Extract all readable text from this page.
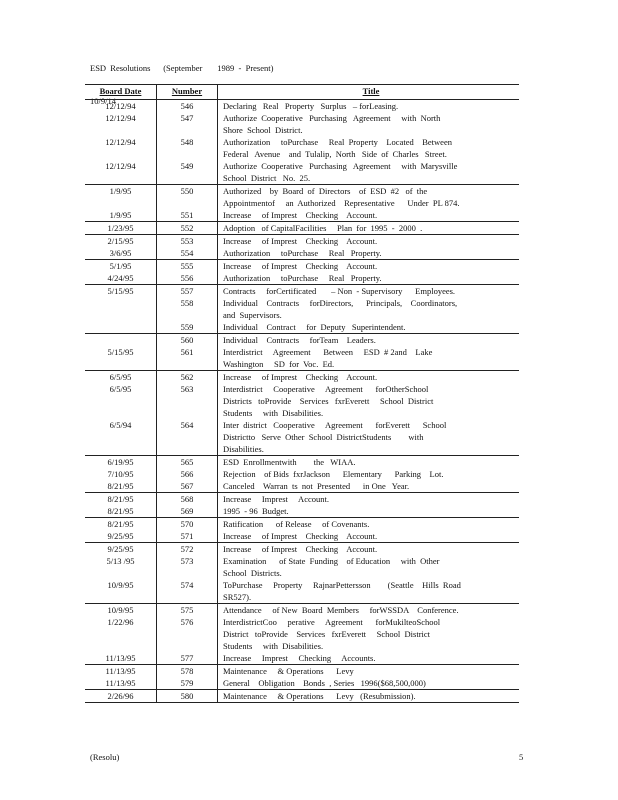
ESD  Resolutions      (September       1989  -  Present)

10/9/14

Board Date	Number	Title
12/12/94	546	Declaring   Real   Property   Surplus   – forLeasing.
12/12/94	547	Authorize  Cooperative   Purchasing   Agreement     with  North
Shore  School  District.
12/12/94	548	Authorization     toPurchase     Real  Property    Located    Between
Federal   Avenue    and  Tulalip,  North   Side  of  Charles   Street.
12/12/94	549	Authorize  Cooperative   Purchasing   Agreement     with  Marysville
School  District   No.  25.
1/9/95	550	Authorized    by  Board  of  Directors    of  ESD  #2   of  the
Appointmentof     an  Authorized    Representative      Under  PL 874.
1/9/95	551	Increase     of Imprest    Checking    Account.
1/23/95	552	Adoption   of CapitalFacilities     Plan  for  1995  -  2000  .
2/15/95	553	Increase     of Imprest    Checking    Account.
3/6/95	554	Authorization     toPurchase     Real   Property.
5/1/95	555	Increase     of Imprest    Checking    Account.
4/24/95	556	Authorization     toPurchase     Real   Property.
5/15/95	557	Contracts     forCertificated       – Non  - Supervisory      Employees.
	558	Individual    Contracts     forDirectors,      Principals,    Coordinators,
and  Supervisors.
	559	Individual    Contract     for  Deputy   Superintendent.
	560	Individual    Contracts     forTeam    Leaders.
5/15/95	561	Interdistrict     Agreement      Between     ESD  # 2and    Lake
Washington     SD  for  Voc.  Ed.
6/5/95	562	Increase     of Imprest    Checking    Account.
6/5/95	563	Interdistrict     Cooperative     Agreement      forOtherSchool
Districts   toProvide    Services   fxrEverett     School  District
Students     with  Disabilities.
6/5/94	564	Inter  district   Cooperative     Agreement      forEverett      School
Districtto   Serve  Other  School  DistrictStudents        with
Disabilities.
6/19/95	565	ESD  Enrollmentwith        the   WIAA.
7/10/95	566	Rejection    of Bids  fxrJackson      Elementary      Parking    Lot.
8/21/95	567	Canceled    Warran  ts  not  Presented      in One   Year.
8/21/95	568	Increase     Imprest     Account.
8/21/95	569	1995  - 96  Budget.
8/21/95	570	Ratification      of Release     of Covenants.
9/25/95	571	Increase     of Imprest    Checking    Account.
9/25/95	572	Increase     of Imprest    Checking    Account.
5/13 /95	573	Examination      of State  Funding    of Education     with  Other
School  Districts.
10/9/95	574	ToPurchase     Property     RajnarPettersson        (Seattle    Hills  Road
SR527).
10/9/95	575	Attendance     of New  Board  Members     forWSSDA    Conference.
1/22/96	576	InterdistrictCoo     perative     Agreement      forMukilteoSchool
District   toProvide    Services   fxrEverett     School  District
Students     with  Disabilities.
11/13/95	577	Increase     Imprest     Checking     Accounts.
11/13/95	578	Maintenance     & Operations      Levy
11/13/95	579	General    Obligation    Bonds  , Series   1996($68,500,000)
2/26/96	580	Maintenance     & Operations      Levy   (Resubmission).
(Resolu)	5
